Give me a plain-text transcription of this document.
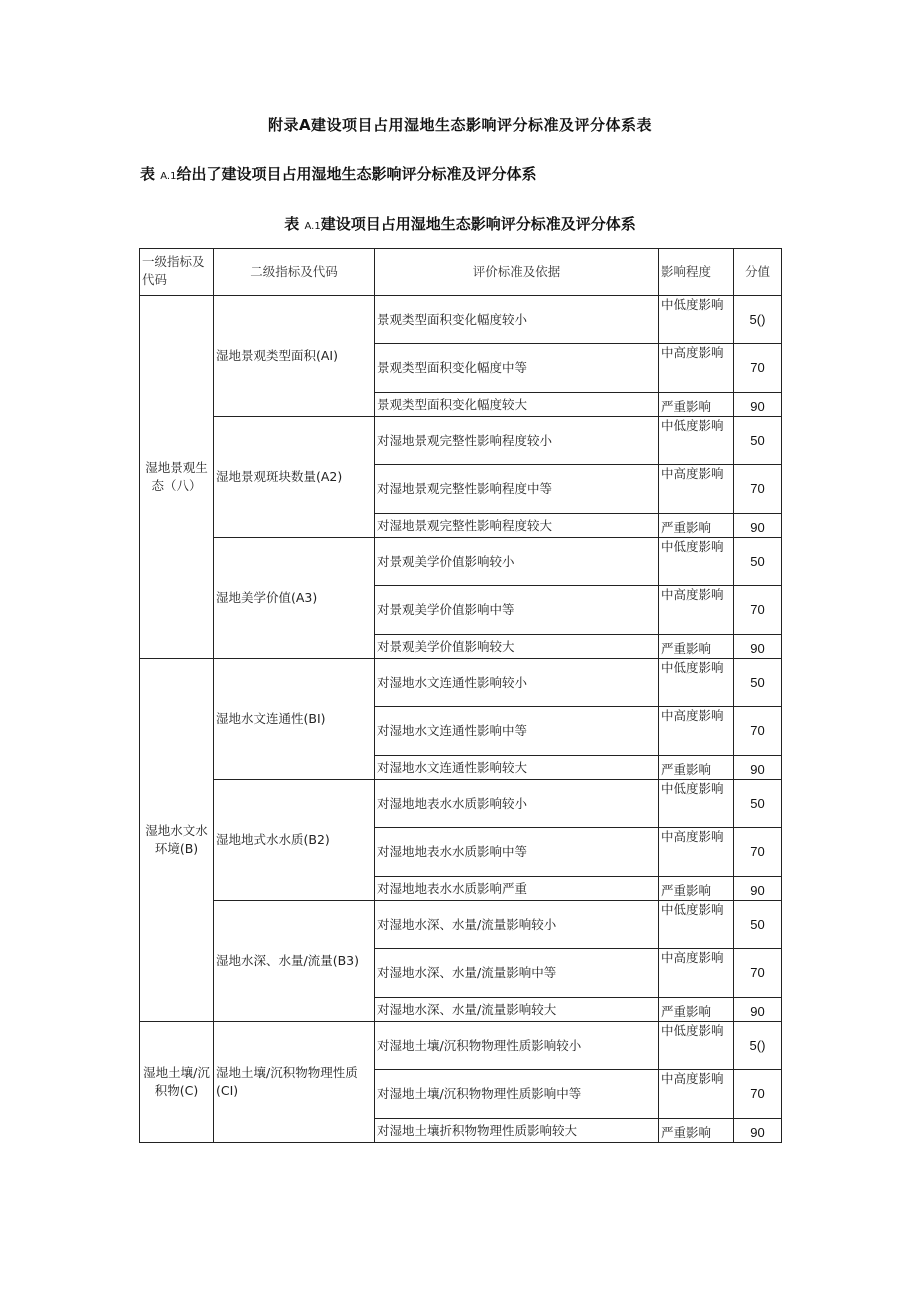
附录A建设项目占用湿地生态影响评分标准及评分体系表
表 A.1给出了建设项目占用湿地生态影响评分标准及评分体系
表 A.1建设项目占用湿地生态影响评分标准及评分体系
一级指标及代码	二级指标及代码	评价标准及依据	影响程度	分值
湿地景观生态（八）	湿地景观类型面积(AI)	景观类型面积变化幅度较小	中低度影响	5()
		景观类型面积变化幅度中等	中高度影响	70
		景观类型面积变化幅度较大	严重影响	90
	湿地景观斑块数量(A2)	对湿地景观完整性影响程度较小	中低度影响	50
		对湿地景观完整性影响程度中等	中高度影响	70
		对湿地景观完整性影响程度较大	严重影响	90
	湿地美学价值(A3)	对景观美学价值影响较小	中低度影响	50
		对景观美学价值影响中等	中高度影响	70
		对景观美学价值影响较大	严重影响	90
湿地水文水环境(B)	湿地水文连通性(BI)	对湿地水文连通性影响较小	中低度影响	50
		对湿地水文连通性影响中等	中高度影响	70
		对湿地水文连通性影响较大	严重影响	90
	湿地地式水水质(B2)	对湿地地表水水质影响较小	中低度影响	50
		对湿地地表水水质影响中等	中高度影响	70
		对湿地地表水水质影响严重	严重影响	90
	湿地水深、水量/流量(B3)	对湿地水深、水量/流量影响较小	中低度影响	50
		对湿地水深、水量/流量影响中等	中高度影响	70
		对湿地水深、水量/流量影响较大	严重影响	90
湿地土壤/沉积物(C)	湿地土壤/沉积物物理性质(CI)	对湿地土壤/沉积物物理性质影响较小	中低度影响	5()
		对湿地土壤/沉积物物理性质影响中等	中高度影响	70
		对湿地土壤折积物物理性质影响较大	严重影响	90
